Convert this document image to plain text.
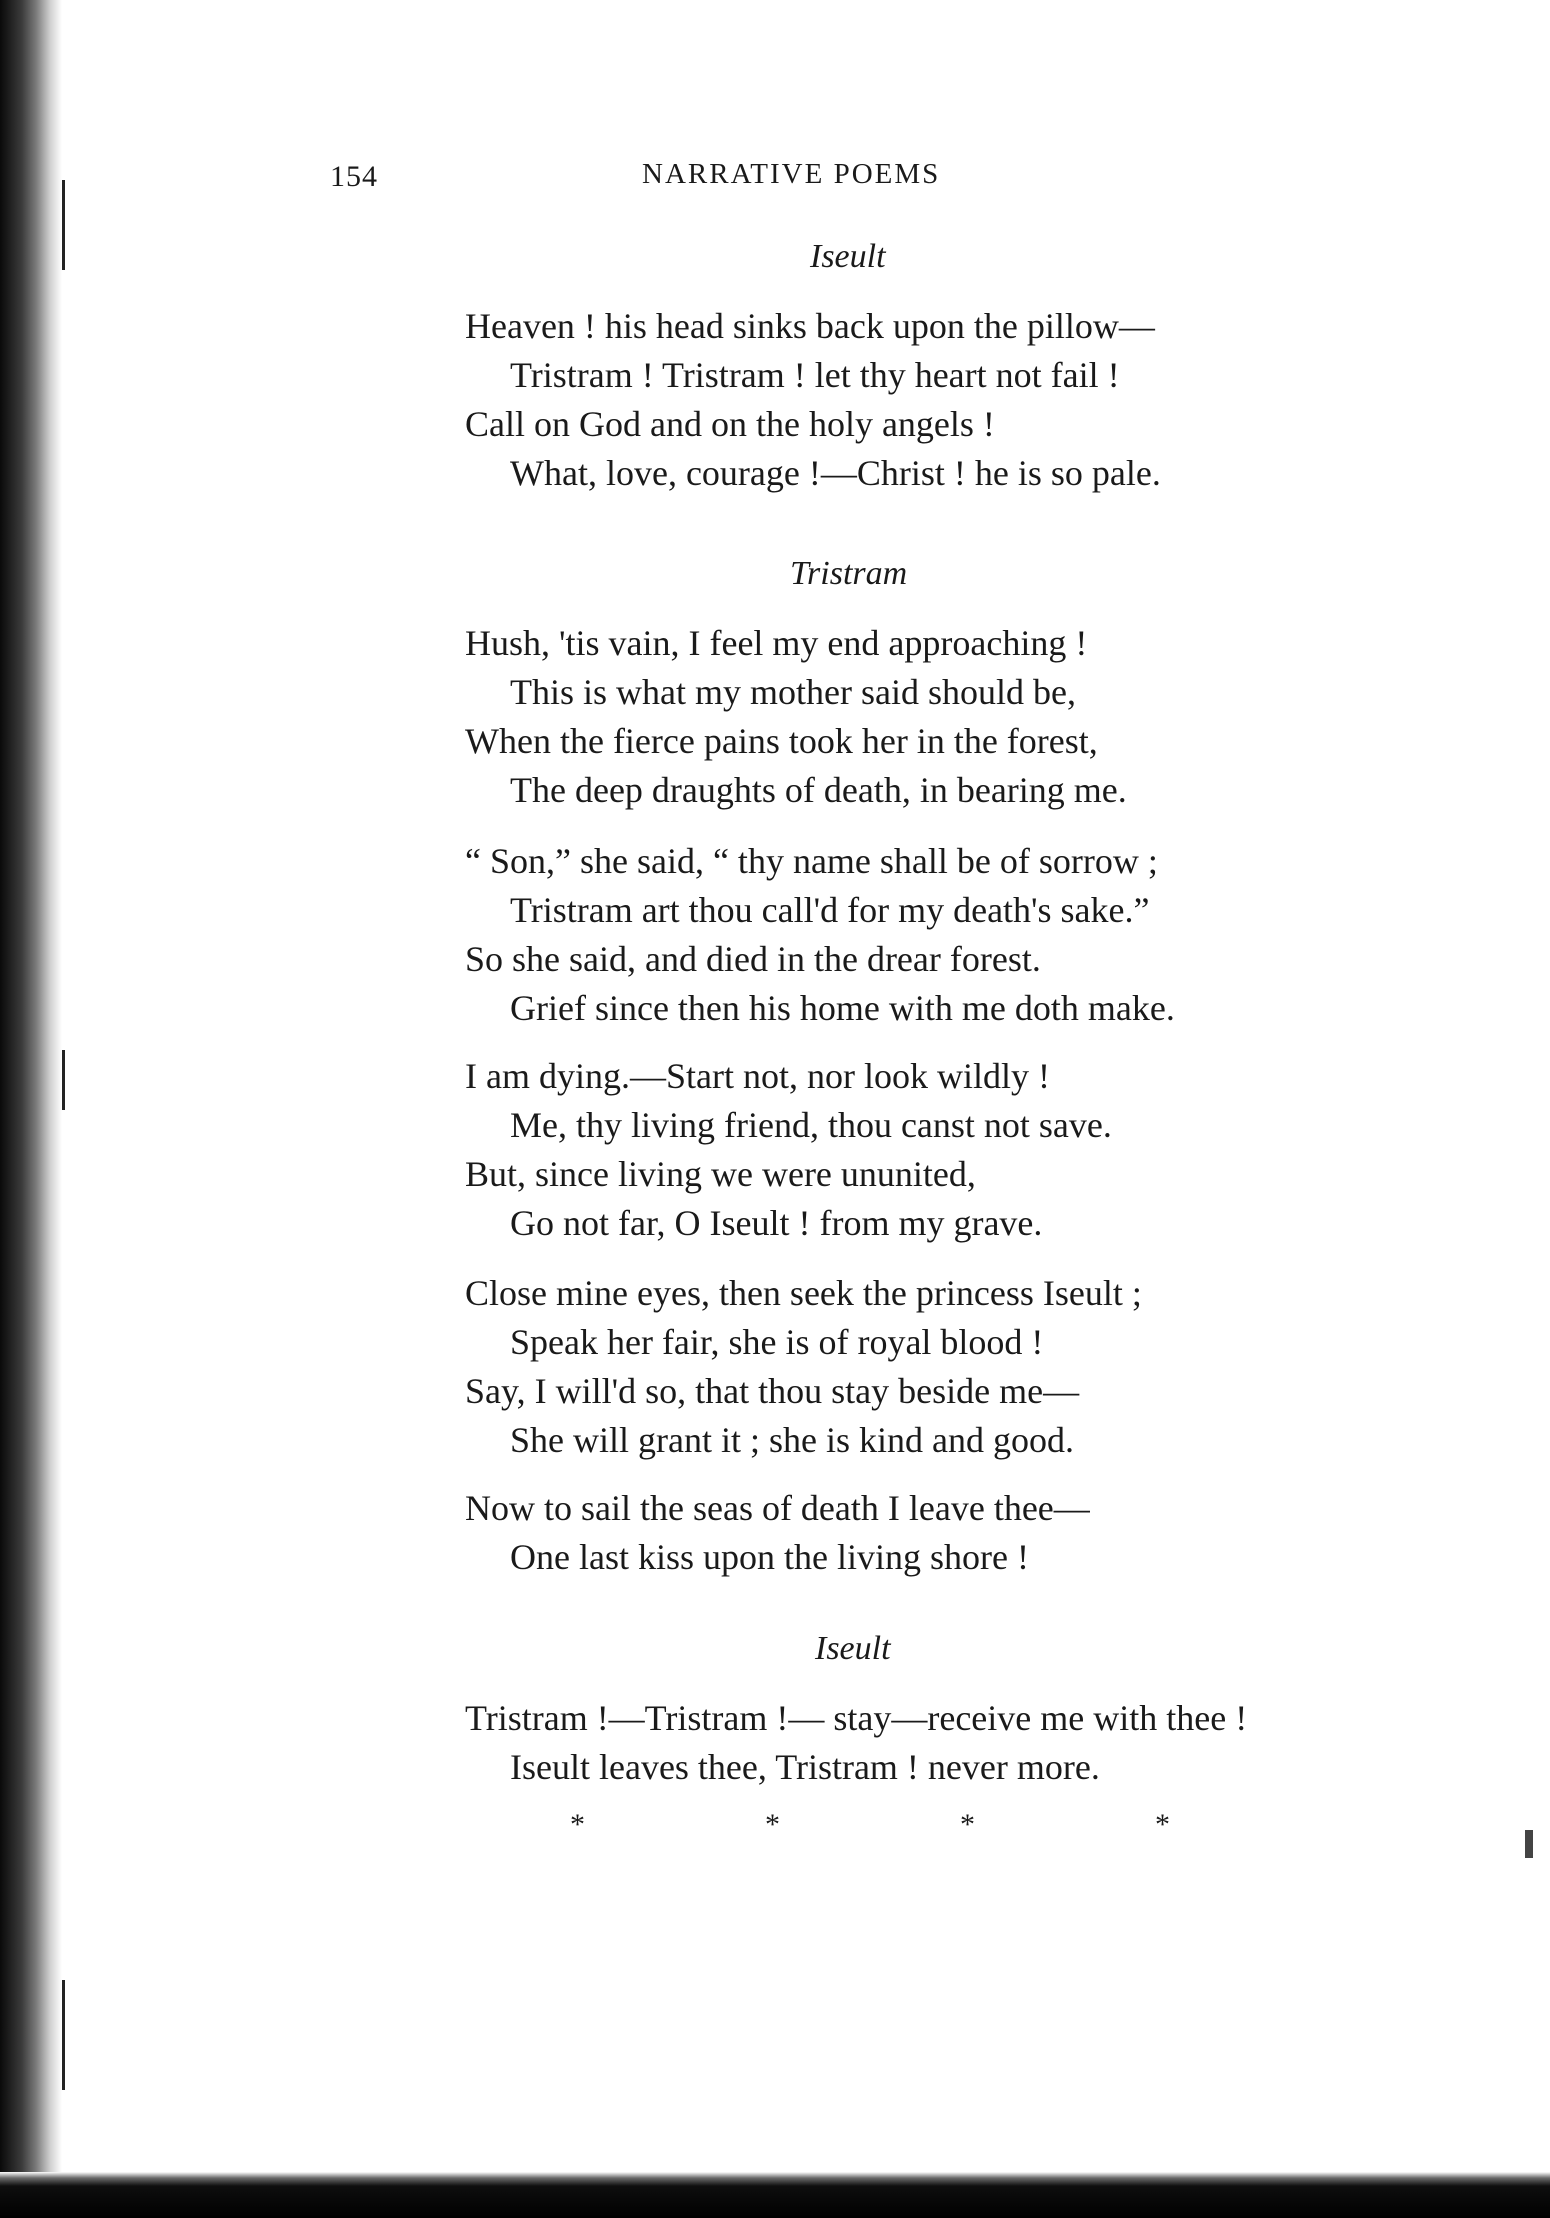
154	NARRATIVE POEMS
Iseult
Heaven ! his head sinks back upon the pillow—
Tristram ! Tristram ! let thy heart not fail !
Call on God and on the holy angels !
What, love, courage !—Christ ! he is so pale.
Tristram
Hush, 'tis vain, I feel my end approaching !
This is what my mother said should be,
When the fierce pains took her in the forest,
The deep draughts of death, in bearing me.
“ Son,” she said, “ thy name shall be of sorrow ;
Tristram art thou call'd for my death's sake.”
So she said, and died in the drear forest.
Grief since then his home with me doth make.
I am dying.—Start not, nor look wildly !
Me, thy living friend, thou canst not save.
But, since living we were ununited,
Go not far, O Iseult ! from my grave.
Close mine eyes, then seek the princess Iseult ;
Speak her fair, she is of royal blood !
Say, I will'd so, that thou stay beside me—
She will grant it ; she is kind and good.
Now to sail the seas of death I leave thee—
One last kiss upon the living shore !
Iseult
Tristram !—Tristram !— stay—receive me with thee !
Iseult leaves thee, Tristram ! never more.
*	*	*	*
